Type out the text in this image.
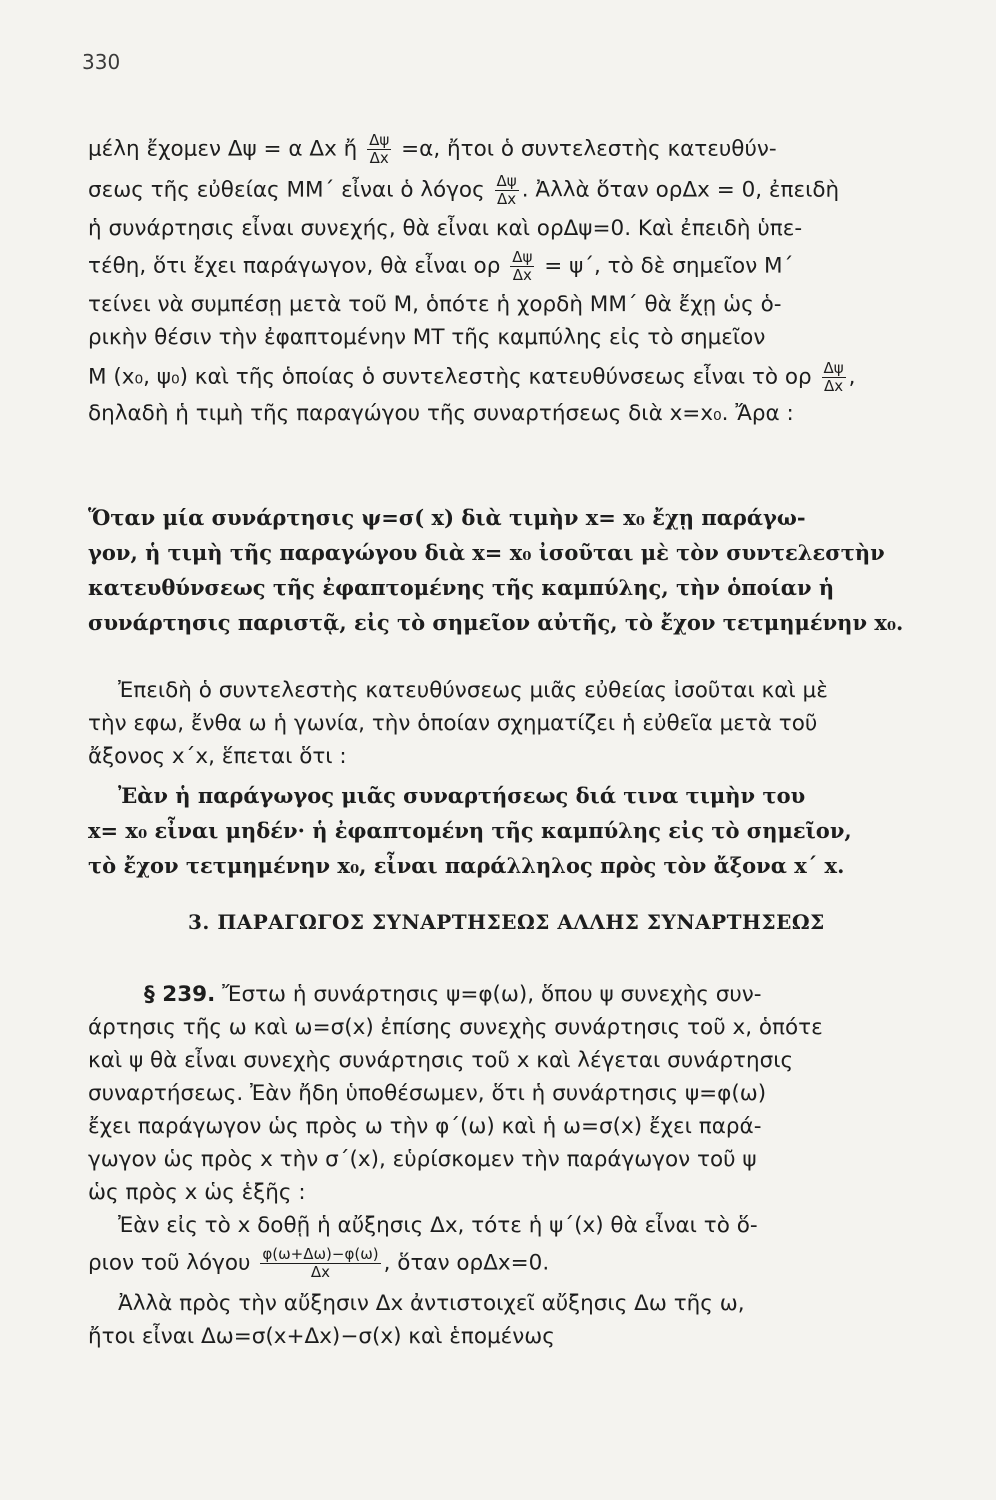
330
μέλη ἔχομεν Δψ = α Δx ἤ $\frac{\Delta\psi}{\Delta x} =\alpha$, ἤτοι ὁ συντελεστὴς κατευθύν-
σεως τῆς εὐθείας ΜΜ΄ εἶναι ὁ λόγος $\frac{\Delta\psi}{\Delta x}$ . Ἀλλὰ ὅταν ορΔx = 0, ἐπειδὴ
ἡ συνάρτησις εἶναι συνεχής, θὰ εἶναι καὶ ορΔψ=0. Καὶ ἐπειδὴ ὑπε-
τέθη, ὅτι ἔχει παράγωγον, θὰ εἶναι ορ $\frac{\Delta\psi}{\Delta x} = \psi΄$, τὸ δὲ σημεῖον Μ΄
τείνει νὰ συμπέσῃ μετὰ τοῦ Μ, ὁπότε ἡ χορδὴ ΜΜ΄ θὰ ἔχῃ ὡς ὁ-
ρικὴν θέσιν τὴν ἐφαπτομένην ΜΤ τῆς καμπύλης εἰς τὸ σημεῖον
Μ (x₀, ψ₀) καὶ τῆς ὁποίας ὁ συντελεστὴς κατευθύνσεως εἶναι τὸ ορ $\frac{\Delta\psi}{\Delta x}$ ,
δηλαδὴ ἡ τιμὴ τῆς παραγώγου τῆς συναρτήσεως διὰ x=x₀. Ἄρα :
Ὅταν μία συνάρτησις ψ=σ( x) διὰ τιμὴν x= x₀ ἔχῃ παράγω-
γον, ἡ τιμὴ τῆς παραγώγου διὰ x= x₀ ἰσοῦται μὲ τὸν συντελεστὴν
κατευθύνσεως τῆς ἐφαπτομένης τῆς καμπύλης, τὴν ὁποίαν ἡ
συνάρτησις παριστᾷ, εἰς τὸ σημεῖον αὐτῆς, τὸ ἔχον τετμημένην x₀.
Ἐπειδὴ ὁ συντελεστὴς κατευθύνσεως μιᾶς εὐθείας ἰσοῦται καὶ μὲ
τὴν εφω, ἔνθα ω ἡ γωνία, τὴν ὁποίαν σχηματίζει ἡ εὐθεῖα μετὰ τοῦ
ἄξονος x΄x, ἕπεται ὅτι :
Ἐὰν ἡ παράγωγος μιᾶς συναρτήσεως διά τινα τιμὴν του
x= x₀ εἶναι μηδέν· ἡ ἐφαπτομένη τῆς καμπύλης εἰς τὸ σημεῖον,
τὸ ἔχον τετμημένην x₀, εἶναι παράλληλος πρὸς τὸν ἄξονα x΄ x.
3. ΠΑΡΑΓΩΓΟΣ ΣΥΝΑΡΤΗΣΕΩΣ ΑΛΛΗΣ ΣΥΝΑΡΤΗΣΕΩΣ
§ 239. Ἔστω ἡ συνάρτησις ψ=φ(ω), ὅπου ψ συνεχὴς συν-
άρτησις τῆς ω καὶ ω=σ(x) ἐπίσης συνεχὴς συνάρτησις τοῦ x, ὁπότε
καὶ ψ θὰ εἶναι συνεχὴς συνάρτησις τοῦ x καὶ λέγεται συνάρτησις
συναρτήσεως. Ἐὰν ἤδη ὑποθέσωμεν, ὅτι ἡ συνάρτησις ψ=φ(ω)
ἔχει παράγωγον ὡς πρὸς ω τὴν φ΄(ω) καὶ ἡ ω=σ(x) ἔχει παρά-
γωγον ὡς πρὸς x τὴν σ΄(x), εὑρίσκομεν τὴν παράγωγον τοῦ ψ
ὡς πρὸς x ὡς ἑξῆς :
Ἐὰν εἰς τὸ x δοθῇ ἡ αὔξησις Δx, τότε ἡ ψ΄(x) θὰ εἶναι τὸ ὅ-
ριον τοῦ λόγου $\frac{\varphi(\omega+\Delta\omega)-\varphi(\omega)}{\Delta x}$ , ὅταν ορΔx=0.
Ἀλλὰ πρὸς τὴν αὔξησιν Δx ἀντιστοιχεῖ αὔξησις Δω τῆς ω,
ἤτοι εἶναι Δω=σ(x+Δx)−σ(x) καὶ ἑπομένως
